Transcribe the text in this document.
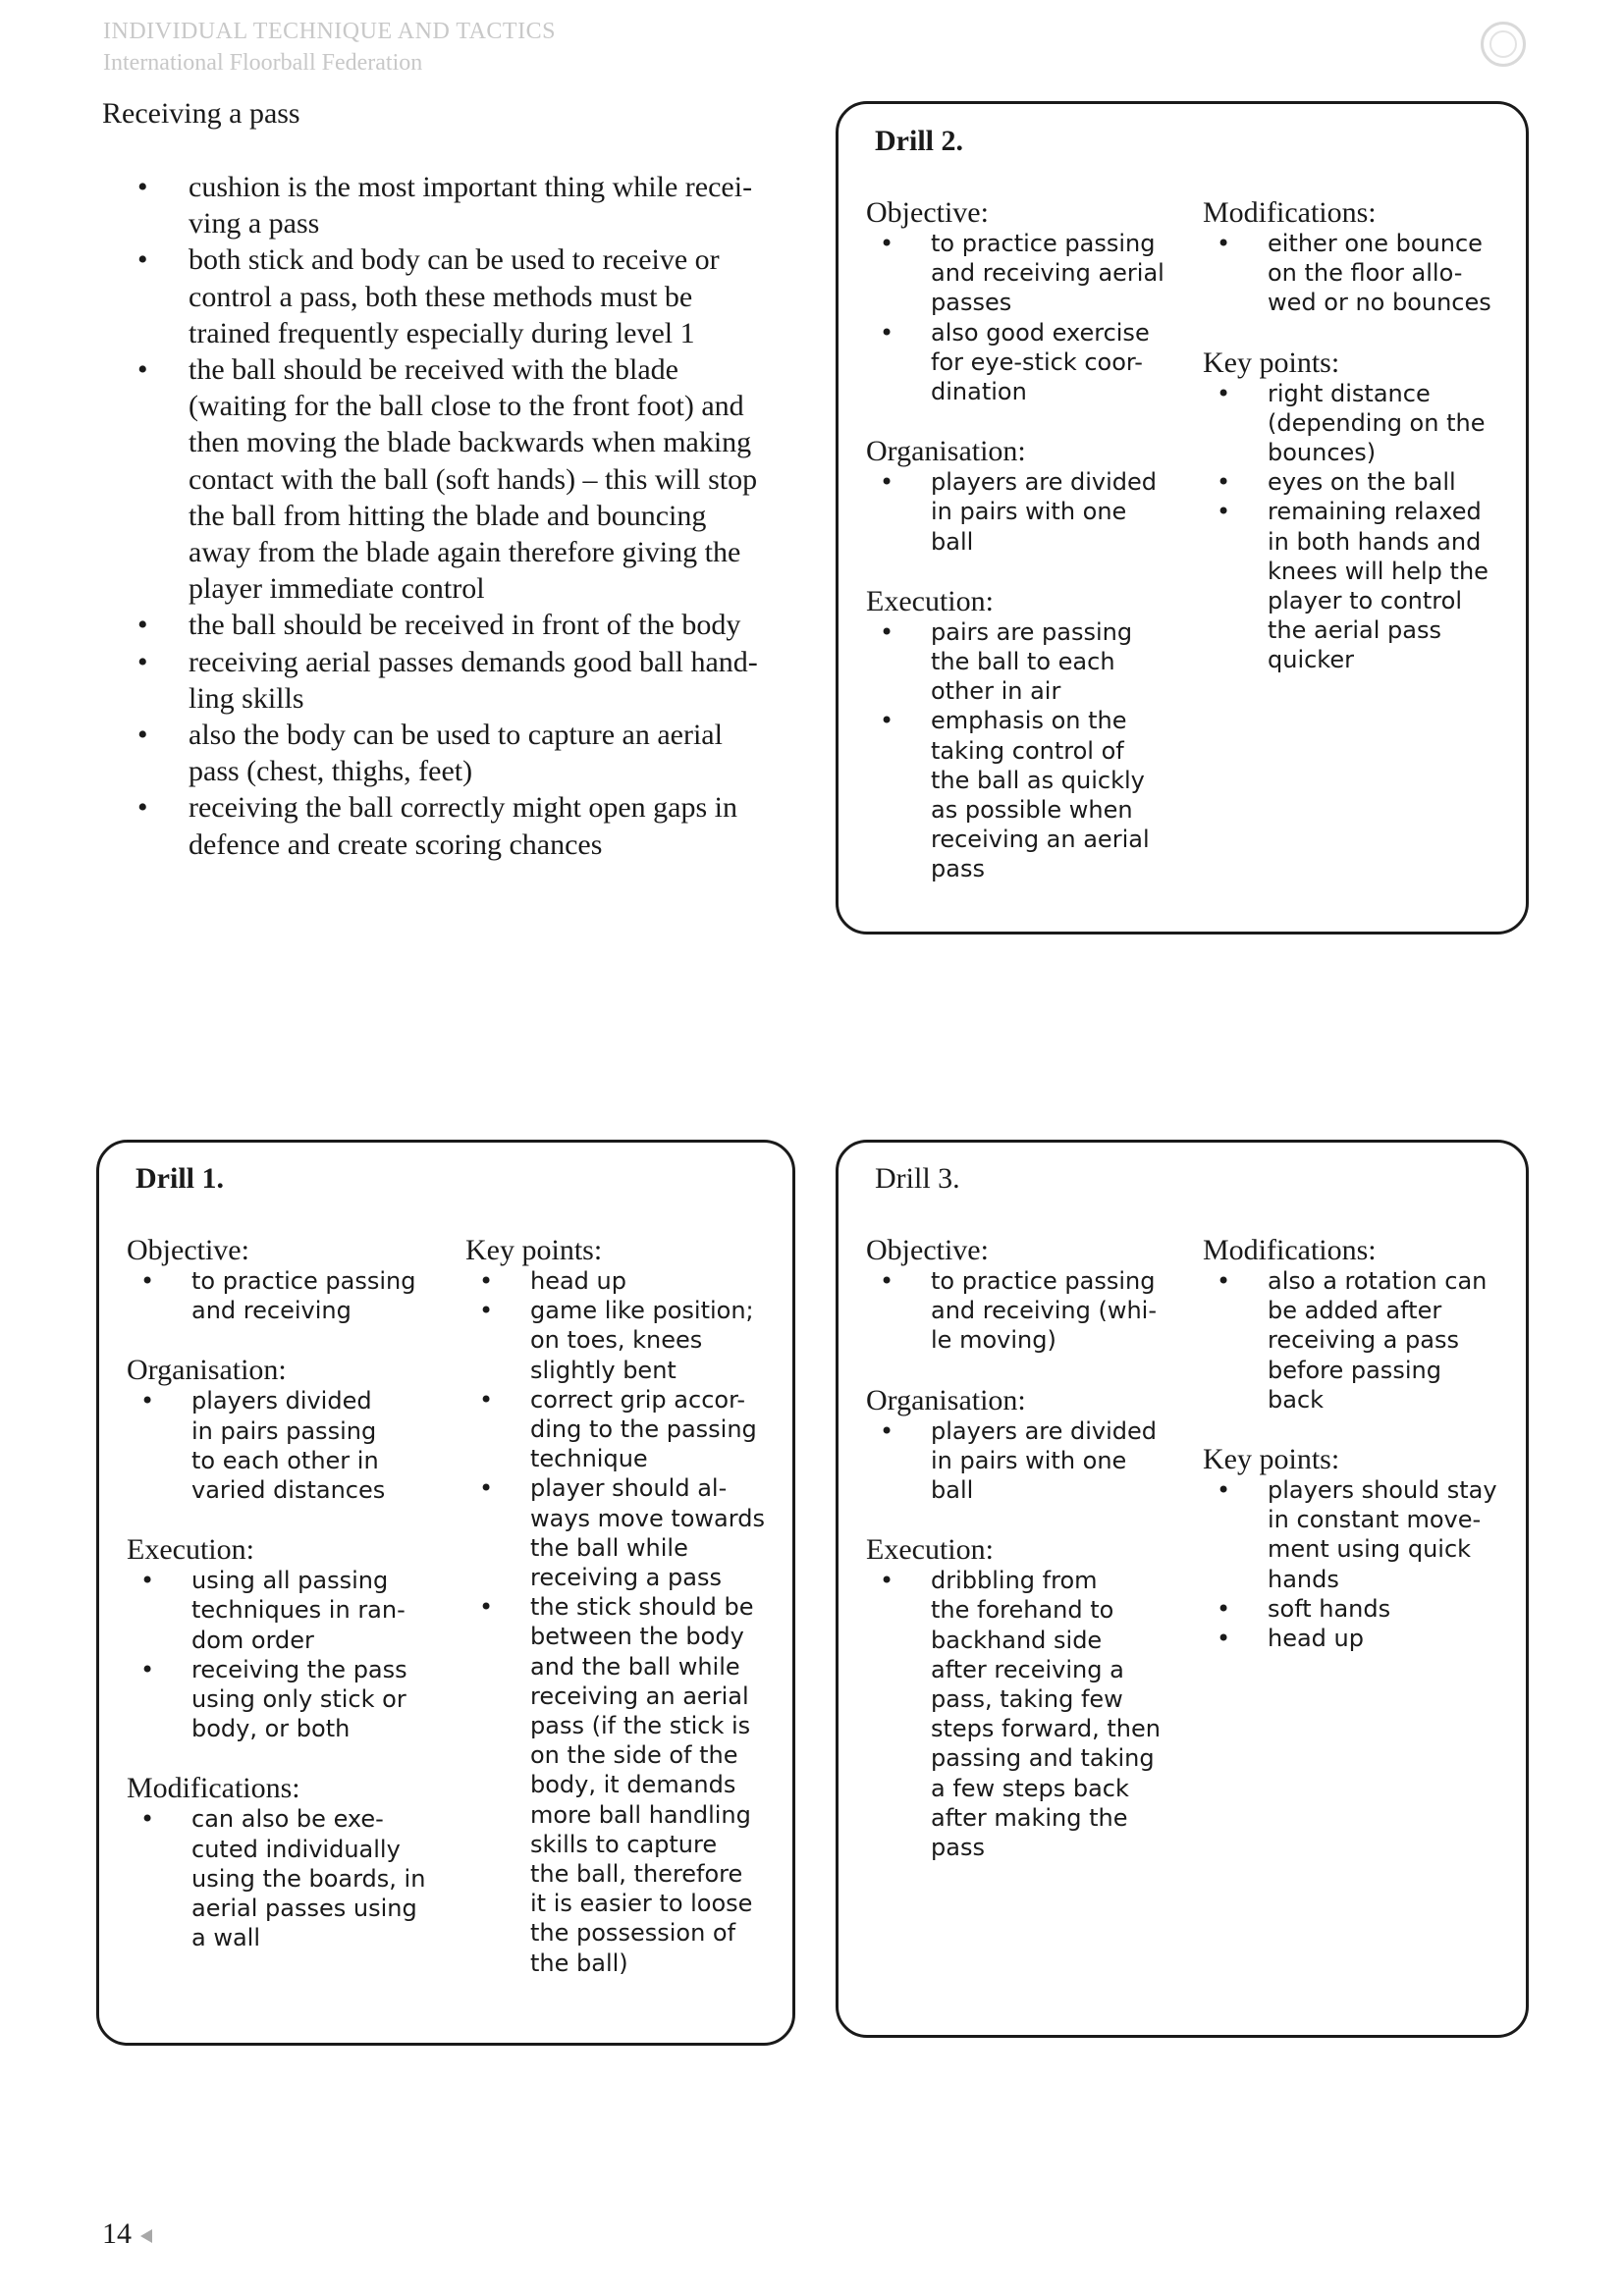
INDIVIDUAL TECHNIQUE AND TACTICS
International Floorball Federation
Receiving a pass
• cushion is the most important thing while recei-
ving a pass
• both stick and body can be used to receive or
control a pass, both these methods must be
trained frequently especially during level 1
• the ball should be received with the blade
(waiting for the ball close to the front foot) and
then moving the blade backwards when making
contact with the ball (soft hands) – this will stop
the ball from hitting the blade and bouncing
away from the blade again therefore giving the
player immediate control
• the ball should be received in front of the body
• receiving aerial passes demands good ball hand-
ling skills
• also the body can be used to capture an aerial
pass (chest, thighs, feet)
• receiving the ball correctly might open gaps in
defence and create scoring chances
Drill 2.
Objective:
• to practice passing
and receiving aerial
passes
• also good exercise
for eye-stick coor-
dination
Organisation:
• players are divided
in pairs with one
ball
Execution:
• pairs are passing
the ball to each
other in air
• emphasis on the
taking control of
the ball as quickly
as possible when
receiving an aerial
pass
Modifications:
• either one bounce
on the floor allo-
wed or no bounces
Key points:
• right distance
(depending on the
bounces)
• eyes on the ball
• remaining relaxed
in both hands and
knees will help the
player to control
the aerial pass
quicker
Drill 1.
Objective:
• to practice passing
and receiving
Organisation:
• players divided
in pairs passing
to each other in
varied distances
Execution:
• using all passing
techniques in ran-
dom order
• receiving the pass
using only stick or
body, or both
Modifications:
• can also be exe-
cuted individually
using the boards, in
aerial passes using
a wall
Key points:
• head up
• game like position;
on toes, knees
slightly bent
• correct grip accor-
ding to the passing
technique
• player should al-
ways move towards
the ball while
receiving a pass
• the stick should be
between the body
and the ball while
receiving an aerial
pass (if the stick is
on the side of the
body, it demands
more ball handling
skills to capture
the ball, therefore
it is easier to loose
the possession of
the ball)
Drill 3.
Objective:
• to practice passing
and receiving (whi-
le moving)
Organisation:
• players are divided
in pairs with one
ball
Execution:
• dribbling from
the forehand to
backhand side
after receiving a
pass, taking few
steps forward, then
passing and taking
a few steps back
after making the
pass
Modifications:
• also a rotation can
be added after
receiving a pass
before passing
back
Key points:
• players should stay
in constant move-
ment using quick
hands
• soft hands
• head up
14
